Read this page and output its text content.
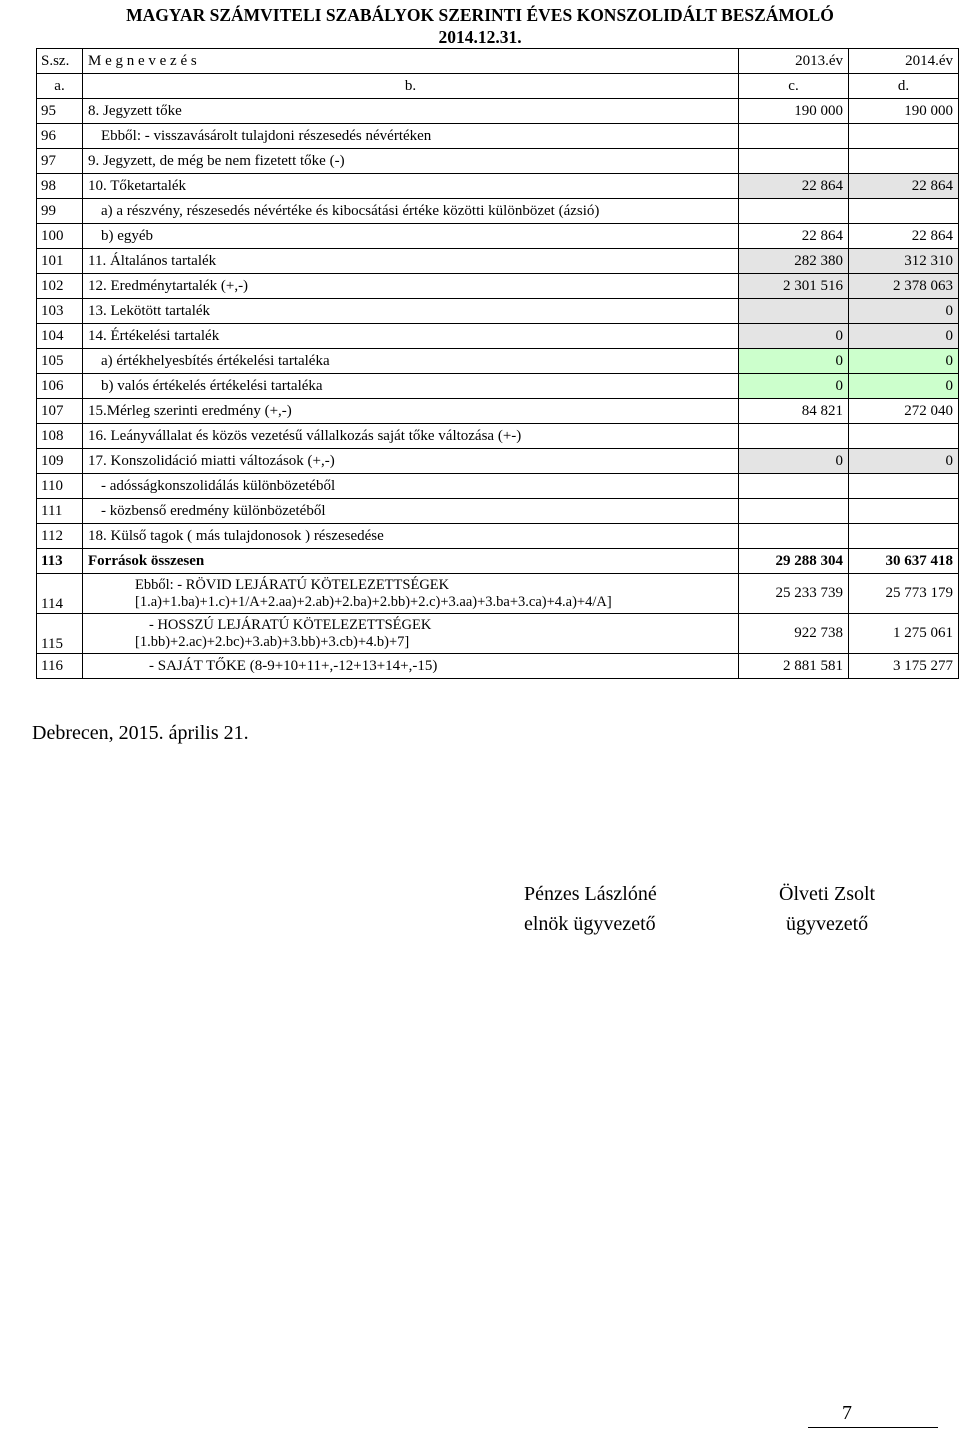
MAGYAR SZÁMVITELI SZABÁLYOK SZERINTI ÉVES KONSZOLIDÁLT BESZÁMOLÓ
2014.12.31.
S.sz.	M e g n e v e z é s	2013.év	2014.év
a.	b.	c.	d.
95	8. Jegyzett tőke	190 000	190 000
96	Ebből: - visszavásárolt tulajdoni részesedés névértéken		
97	9. Jegyzett, de még be nem fizetett tőke (-)		
98	10. Tőketartalék	22 864	22 864
99	a) a részvény, részesedés névértéke és kibocsátási értéke közötti különbözet (ázsió)		
100	b) egyéb	22 864	22 864
101	11. Általános tartalék	282 380	312 310
102	12. Eredménytartalék (+,-)	2 301 516	2 378 063
103	13. Lekötött tartalék		0
104	14. Értékelési tartalék	0	0
105	a) értékhelyesbítés értékelési tartaléka	0	0
106	b) valós értékelés értékelési tartaléka	0	0
107	15.Mérleg szerinti eredmény (+,-)	84 821	272 040
108	16. Leányvállalat és közös vezetésű vállalkozás saját tőke változása (+-)		
109	17. Konszolidáció miatti változások (+,-)	0	0
110	- adósságkonszolidálás különbözetéből		
111	- közbenső eredmény különbözetéből		
112	18. Külső tagok ( más tulajdonosok ) részesedése		
113	Források összesen	29 288 304	30 637 418
114	Ebből: - RÖVID LEJÁRATÚ KÖTELEZETTSÉGEK
[1.a)+1.ba)+1.c)+1/A+2.aa)+2.ab)+2.ba)+2.bb)+2.c)+3.aa)+3.ba+3.ca)+4.a)+4/A]	25 233 739	25 773 179
115	- HOSSZÚ LEJÁRATÚ KÖTELEZETTSÉGEK
[1.bb)+2.ac)+2.bc)+3.ab)+3.bb)+3.cb)+4.b)+7]	922 738	1 275 061
116	- SAJÁT TŐKE (8-9+10+11+,-12+13+14+,-15)	2 881 581	3 175 277
Debrecen, 2015. április 21.
Pénzes Lászlóné
elnök ügyvezető
Ölveti Zsolt
ügyvezető
7
